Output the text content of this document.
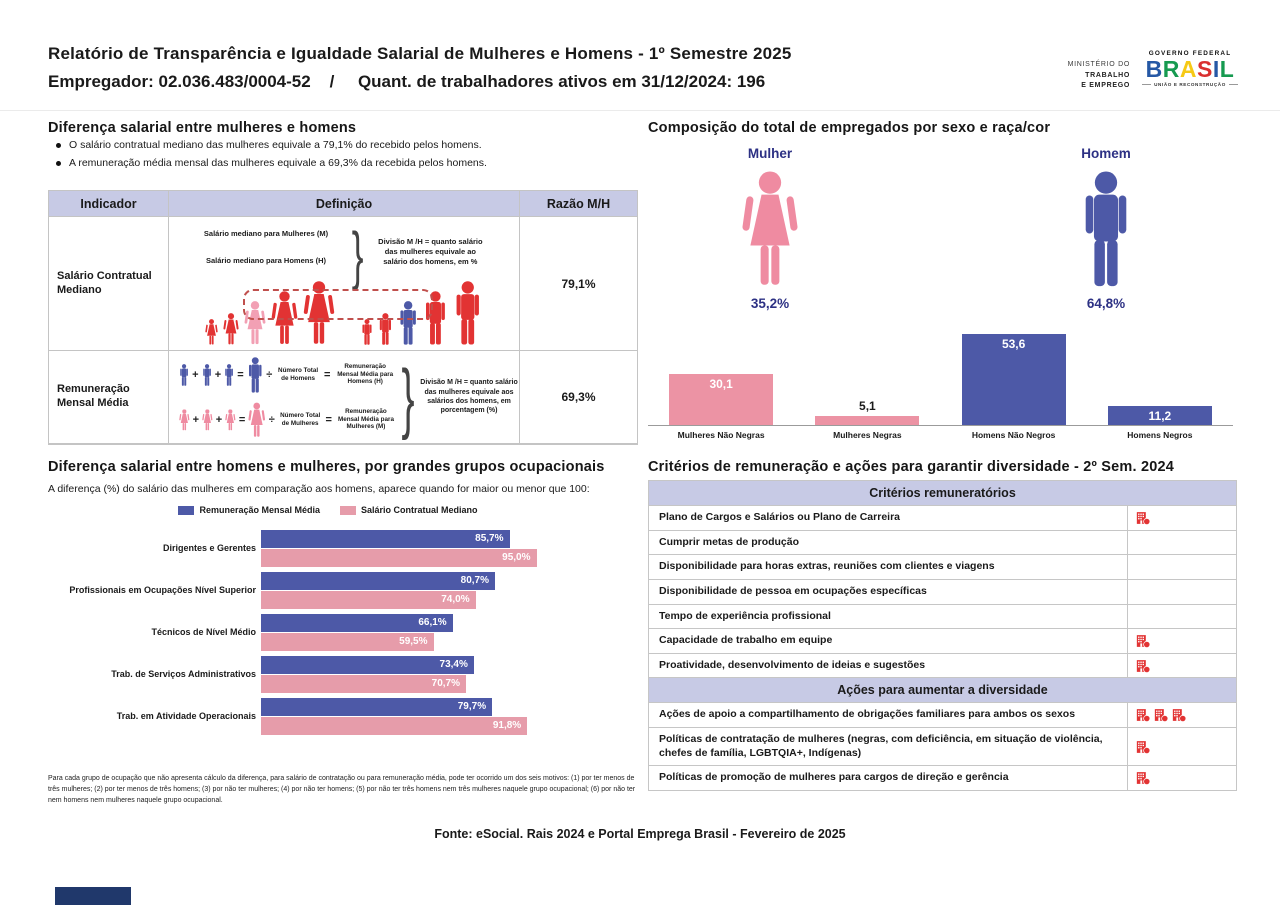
Relatório de Transparência e Igualdade Salarial de Mulheres e Homens - 1º Semestre 2025
Empregador: 02.036.483/0004-52    /     Quant. de trabalhadores ativos em 31/12/2024: 196
MINISTÉRIO DO
TRABALHO
E EMPREGO
GOVERNO FEDERAL
BRASIL
UNIÃO E RECONSTRUÇÃO
Diferença salarial entre mulheres e homens
O salário contratual mediano das mulheres equivale a 79,1% do recebido pelos homens.
A remuneração média mensal das mulheres equivale a 69,3% da recebida pelos homens.
Indicador	Definição	Razão M/H
Salário Contratual Mediano
Salário mediano para Mulheres (M)
Salário mediano para Homens (H) }	Divisão M /H = quanto salário das mulheres equivale ao salário dos homens, em %
79,1%
Remuneração Mensal Média
+ + = ÷ Número Total de Homens =
Remuneração Mensal Média para Homens (H)
+ + = ÷ Número Total de Mulheres =
Remuneração Mensal Média para Mulheres (M) } Divisão M /H = quanto salário das mulheres equivale aos salários dos homens, em porcentagem (%)
69,3%
Diferença salarial entre homens e mulheres, por grandes grupos ocupacionais
A diferença (%) do salário das mulheres em comparação aos homens, aparece quando for maior ou menor que 100:
Remuneração Mensal Média	Salário Contratual Mediano
Dirigentes e Gerentes
85,7%
95,0%
Profissionais em Ocupações Nível Superior
80,7%
74,0%
Técnicos de Nível Médio
66,1%
59,5%
Trab. de Serviços Administrativos
73,4%
70,7%
Trab. em Atividade Operacionais
79,7%
91,8%
Para cada grupo de ocupação que não apresenta cálculo da diferença, para salário de contratação ou para remuneração média, pode ter ocorrido um dos seis motivos: (1) por ter menos de três mulheres; (2) por ter menos de três homens; (3) por não ter mulheres; (4) por não ter homens; (5) por não ter três homens nem três mulheres naquele grupo ocupacional; (6) por não ter nem homens nem mulheres naquele grupo ocupacional.
Composição do total de empregados por sexo e raça/cor
Mulher
35,2%
Homem
64,8%
30,1
5,1
53,6
11,2
Mulheres Não Negras	Mulheres Negras	Homens Não Negros	Homens Negros
Critérios de remuneração e ações para garantir diversidade - 2º Sem. 2024
Critérios remuneratórios
Plano de Cargos e Salários ou Plano de Carreira
Cumprir metas de produção
Disponibilidade para horas extras, reuniões com clientes e viagens
Disponibilidade de pessoa em ocupações específicas
Tempo de experiência profissional
Capacidade de trabalho em equipe
Proatividade, desenvolvimento de ideias e sugestões
Ações para aumentar a diversidade
Ações de apoio a compartilhamento de obrigações familiares para ambos os sexos
Políticas de contratação de mulheres (negras, com deficiência, em situação de violência, chefes de família, LGBTQIA+, Indígenas)
Políticas de promoção de mulheres para cargos de direção e gerência
Fonte: eSocial. Rais 2024 e Portal Emprega Brasil - Fevereiro de 2025
